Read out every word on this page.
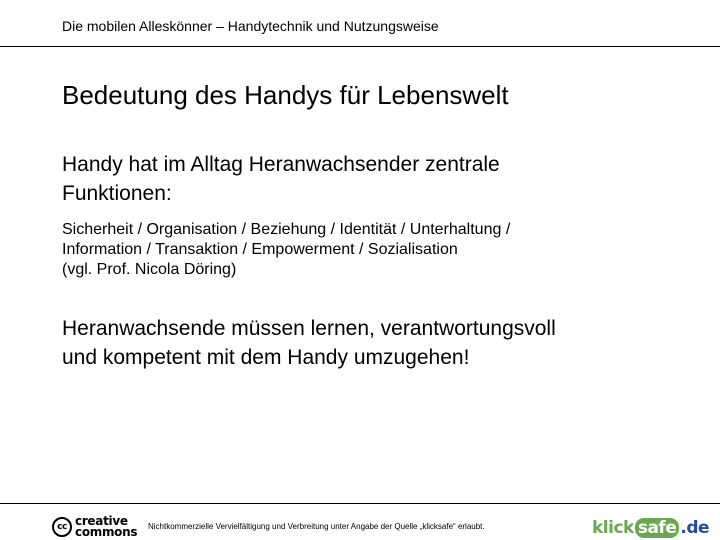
Die mobilen Alleskönner – Handytechnik und Nutzungsweise
Bedeutung des Handys für Lebenswelt
Handy hat im Alltag Heranwachsender zentrale
Funktionen:
Sicherheit / Organisation / Beziehung / Identität / Unterhaltung /
Information / Transaktion / Empowerment / Sozialisation
(vgl. Prof. Nicola Döring)
Heranwachsende müssen lernen, verantwortungsvoll
und kompetent mit dem Handy umzugehen!
cc creative
commons Nichtkommerzielle Vervielfältigung und Verbreitung unter Angabe der Quelle „klicksafe“ erlaubt.	klick safe .de
